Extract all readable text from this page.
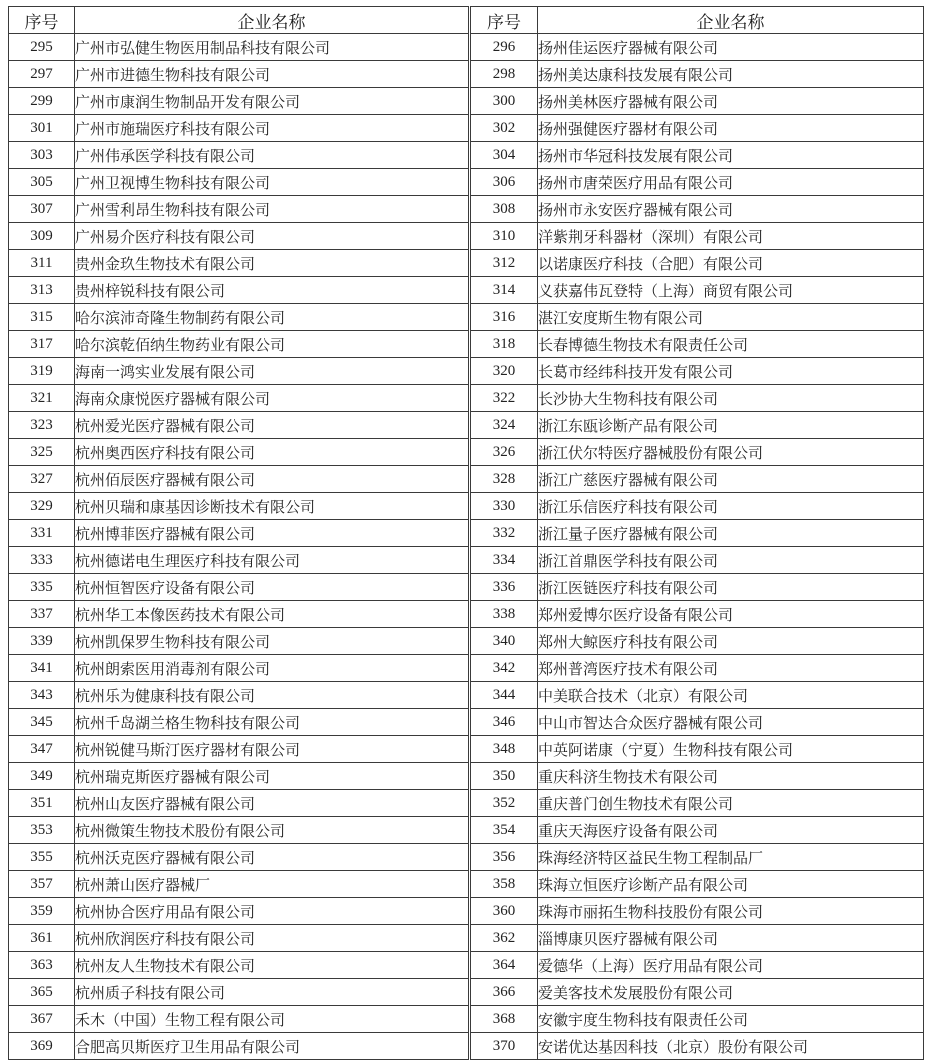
序号	企业名称	序号	企业名称
295	广州市弘健生物医用制品科技有限公司	296	扬州佳运医疗器械有限公司
297	广州市进德生物科技有限公司	298	扬州美达康科技发展有限公司
299	广州市康润生物制品开发有限公司	300	扬州美林医疗器械有限公司
301	广州市施瑞医疗科技有限公司	302	扬州强健医疗器材有限公司
303	广州伟承医学科技有限公司	304	扬州市华冠科技发展有限公司
305	广州卫视博生物科技有限公司	306	扬州市唐荣医疗用品有限公司
307	广州雪利昂生物科技有限公司	308	扬州市永安医疗器械有限公司
309	广州易介医疗科技有限公司	310	洋紫荆牙科器材（深圳）有限公司
311	贵州金玖生物技术有限公司	312	以诺康医疗科技（合肥）有限公司
313	贵州梓锐科技有限公司	314	义获嘉伟瓦登特（上海）商贸有限公司
315	哈尔滨沛奇隆生物制药有限公司	316	湛江安度斯生物有限公司
317	哈尔滨乾佰纳生物药业有限公司	318	长春博德生物技术有限责任公司
319	海南一鸿实业发展有限公司	320	长葛市经纬科技开发有限公司
321	海南众康悦医疗器械有限公司	322	长沙协大生物科技有限公司
323	杭州爱光医疗器械有限公司	324	浙江东瓯诊断产品有限公司
325	杭州奥西医疗科技有限公司	326	浙江伏尔特医疗器械股份有限公司
327	杭州佰辰医疗器械有限公司	328	浙江广慈医疗器械有限公司
329	杭州贝瑞和康基因诊断技术有限公司	330	浙江乐信医疗科技有限公司
331	杭州博菲医疗器械有限公司	332	浙江量子医疗器械有限公司
333	杭州德诺电生理医疗科技有限公司	334	浙江首鼎医学科技有限公司
335	杭州恒智医疗设备有限公司	336	浙江医链医疗科技有限公司
337	杭州华工本像医药技术有限公司	338	郑州爱博尔医疗设备有限公司
339	杭州凯保罗生物科技有限公司	340	郑州大鲸医疗科技有限公司
341	杭州朗索医用消毒剂有限公司	342	郑州普湾医疗技术有限公司
343	杭州乐为健康科技有限公司	344	中美联合技术（北京）有限公司
345	杭州千岛湖兰格生物科技有限公司	346	中山市智达合众医疗器械有限公司
347	杭州锐健马斯汀医疗器材有限公司	348	中英阿诺康（宁夏）生物科技有限公司
349	杭州瑞克斯医疗器械有限公司	350	重庆科济生物技术有限公司
351	杭州山友医疗器械有限公司	352	重庆普门创生物技术有限公司
353	杭州微策生物技术股份有限公司	354	重庆天海医疗设备有限公司
355	杭州沃克医疗器械有限公司	356	珠海经济特区益民生物工程制品厂
357	杭州萧山医疗器械厂	358	珠海立恒医疗诊断产品有限公司
359	杭州协合医疗用品有限公司	360	珠海市丽拓生物科技股份有限公司
361	杭州欣润医疗科技有限公司	362	淄博康贝医疗器械有限公司
363	杭州友人生物技术有限公司	364	爱德华（上海）医疗用品有限公司
365	杭州质子科技有限公司	366	爱美客技术发展股份有限公司
367	禾木（中国）生物工程有限公司	368	安徽宇度生物科技有限责任公司
369	合肥高贝斯医疗卫生用品有限公司	370	安诺优达基因科技（北京）股份有限公司
